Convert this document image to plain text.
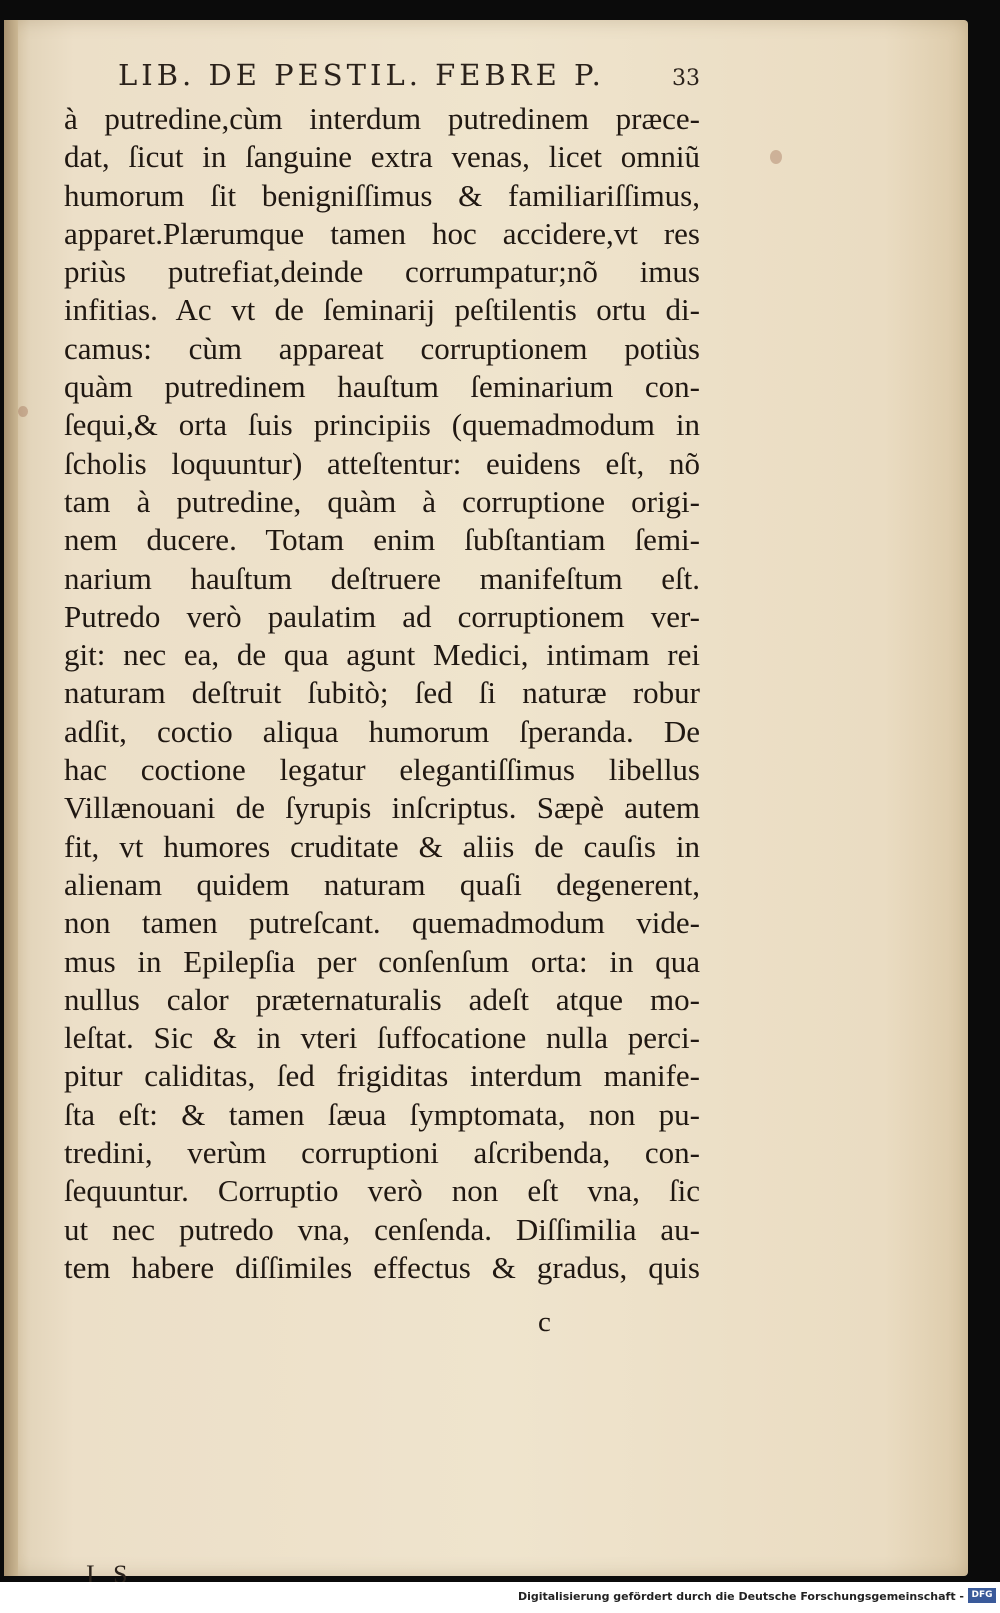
LIB. DE PESTIL. FEBRE P.	33
à putredine,cùm interdum putredinem præce-
dat, ſicut in ſanguine extra venas, licet omniũ
humorum ſit benigniſſimus & familiariſſimus,
apparet.Plærumque tamen hoc accidere,vt res
priùs putrefiat,deinde corrumpatur;nõ imus
infitias. Ac vt de ſeminarij peſtilentis ortu di-
camus: cùm appareat corruptionem potiùs
quàm putredinem hauſtum ſeminarium con-
ſequi,& orta ſuis principiis (quemadmodum in
ſcholis loquuntur) atteſtentur: euidens eſt, nõ
tam à putredine, quàm à corruptione origi-
nem ducere. Totam enim ſubſtantiam ſemi-
narium hauſtum deſtruere manifeſtum eſt.
Putredo verò paulatim ad corruptionem ver-
git: nec ea, de qua agunt Medici, intimam rei
naturam deſtruit ſubitò; ſed ſi naturæ robur
adſit, coctio aliqua humorum ſperanda. De
hac coctione legatur elegantiſſimus libellus
Villænouani de ſyrupis inſcriptus. Sæpè autem
fit, vt humores cruditate & aliis de cauſis in
alienam quidem naturam quaſi degenerent,
non tamen putreſcant. quemadmodum vide-
mus in Epilepſia per conſenſum orta: in qua
nullus calor præternaturalis adeſt atque mo-
leſtat. Sic & in vteri ſuffocatione nulla perci-
pitur caliditas, ſed frigiditas interdum manife-
ſta eſt: & tamen ſæua ſymptomata, non pu-
tredini, verùm corruptioni aſcribenda, con-
ſequuntur. Corruptio verò non eſt vna, ſic
ut nec putredo vna, cenſenda. Diſſimilia au-
tem habere diſſimiles effectus & gradus, quis
c
I S
Digitalisierung gefördert durch die Deutsche Forschungsgemeinschaft - DFG
